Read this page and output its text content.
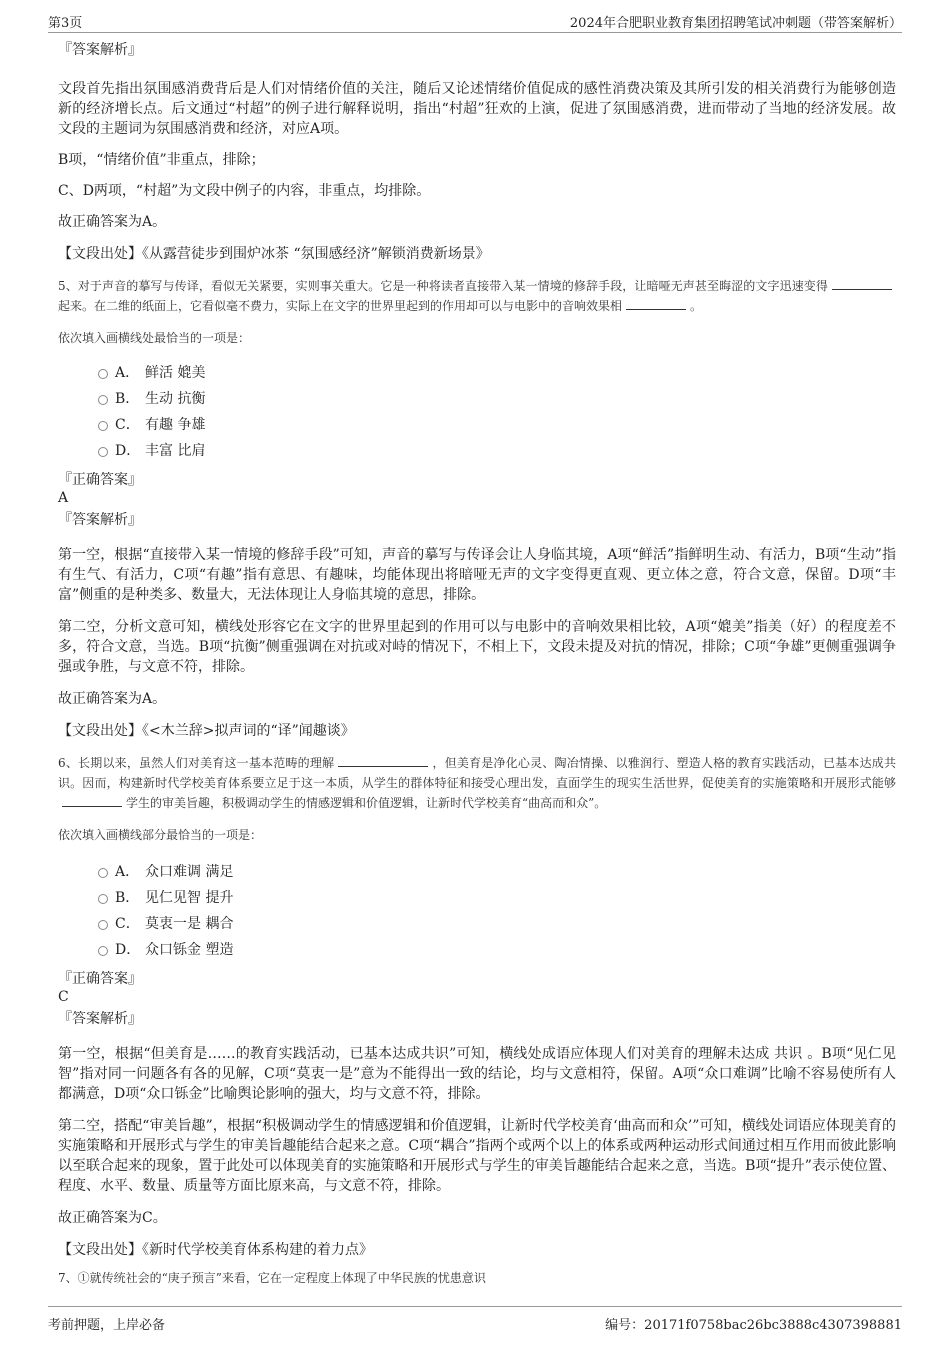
第3页	2024年合肥职业教育集团招聘笔试冲刺题（带答案解析）

『答案解析』

文段首先指出氛围感消费背后是人们对情绪价值的关注，随后又论述情绪价值促成的感性消费决策及其所引发的相关消费行为能够创造新的经济增长点。后文通过“村超”的例子进行解释说明，指出“村超”狂欢的上演，促进了氛围感消费，进而带动了当地的经济发展。故文段的主题词为氛围感消费和经济，对应A项。

B项，“情绪价值”非重点，排除；

C、D两项，“村超”为文段中例子的内容，非重点，均排除。

故正确答案为A。

【文段出处】《从露营徒步到围炉冰茶 “氛围感经济”解锁消费新场景》

5、对于声音的摹写与传译，看似无关紧要，实则事关重大。它是一种将读者直接带入某一情境的修辞手段，让暗哑无声甚至晦涩的文字迅速变得起来。在二维的纸面上，它看似毫不费力，实际上在文字的世界里起到的作用却可以与电影中的音响效果相	。

依次填入画横线处最恰当的一项是：

A． 鲜活 媲美
B． 生动 抗衡
C． 有趣 争雄
D． 丰富 比肩

『正确答案』

A

『答案解析』

第一空，根据“直接带入某一情境的修辞手段”可知，声音的摹写与传译会让人身临其境，A项“鲜活”指鲜明生动、有活力，B项“生动”指有生气、有活力，C项“有趣”指有意思、有趣味，均能体现出将暗哑无声的文字变得更直观、更立体之意，符合文意，保留。D项“丰富”侧重的是种类多、数量大，无法体现让人身临其境的意思，排除。

第二空，分析文意可知，横线处形容它在文字的世界里起到的作用可以与电影中的音响效果相比较，A项“媲美”指美（好）的程度差不多，符合文意，当选。B项“抗衡”侧重强调在对抗或对峙的情况下，不相上下，文段未提及对抗的情况，排除；C项“争雄”更侧重强调争强或争胜，与文意不符，排除。

故正确答案为A。

【文段出处】《<木兰辞>拟声词的“译”闻趣谈》

6、长期以来，虽然人们对美育这一基本范畴的理解	，但美育是净化心灵、陶冶情操、以雅润行、塑造人格的教育实践活动，已基本达成共识。因而，构建新时代学校美育体系要立足于这一本质，从学生的群体特征和接受心理出发，直面学生的现实生活世界，促使美育的实施策略和开展形式能够学生的审美旨趣，积极调动学生的情感逻辑和价值逻辑，让新时代学校美育“曲高而和众”。

依次填入画横线部分最恰当的一项是：

A． 众口难调 满足
B． 见仁见智 提升
C． 莫衷一是 耦合
D． 众口铄金 塑造

『正确答案』

C

『答案解析』

第一空，根据“但美育是……的教育实践活动，已基本达成共识”可知，横线处成语应体现人们对美育的理解未达成 共识 。B项“见仁见智”指对同一问题各有各的见解，C项“莫衷一是”意为不能得出一致的结论，均与文意相符，保留。A项“众口难调”比喻不容易使所有人都满意，D项“众口铄金”比喻舆论影响的强大，均与文意不符，排除。

第二空，搭配“审美旨趣”，根据“积极调动学生的情感逻辑和价值逻辑，让新时代学校美育‘曲高而和众’”可知，横线处词语应体现美育的实施策略和开展形式与学生的审美旨趣能结合起来之意。C项“耦合”指两个或两个以上的体系或两种运动形式间通过相互作用而彼此影响以至联合起来的现象，置于此处可以体现美育的实施策略和开展形式与学生的审美旨趣能结合起来之意，当选。B项“提升”表示使位置、程度、水平、数量、质量等方面比原来高，与文意不符，排除。

故正确答案为C。

【文段出处】《新时代学校美育体系构建的着力点》

7、①就传统社会的“庚子预言”来看，它在一定程度上体现了中华民族的忧患意识

考前押题，上岸必备	编号：20171f0758bac26bc3888c4307398881
